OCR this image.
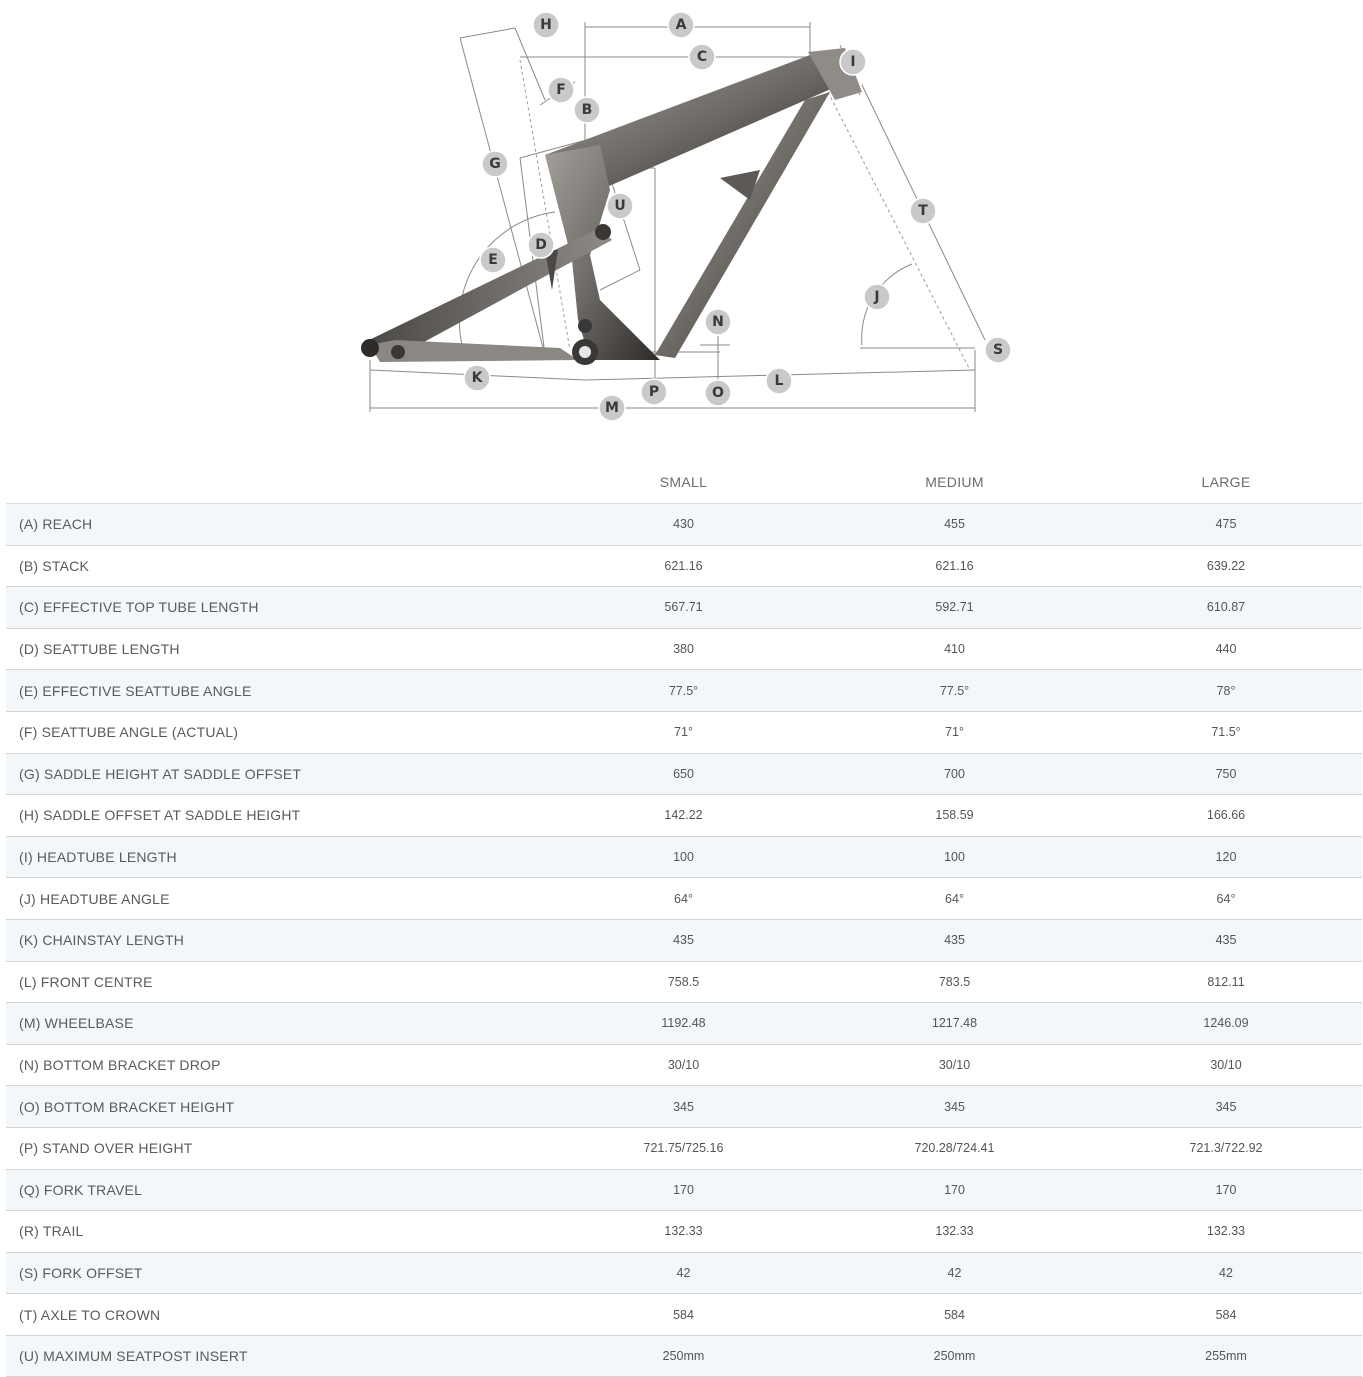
H	A
C	I
F
B
G
U	T
D
E
J
N
S
K	L
P	O
M
	SMALL	MEDIUM	LARGE
(A) REACH	430	455	475
(B) STACK	621.16	621.16	639.22
(C) EFFECTIVE TOP TUBE LENGTH	567.71	592.71	610.87
(D) SEATTUBE LENGTH	380	410	440
(E) EFFECTIVE SEATTUBE ANGLE	77.5°	77.5°	78°
(F) SEATTUBE ANGLE (ACTUAL)	71°	71°	71.5°
(G) SADDLE HEIGHT AT SADDLE OFFSET	650	700	750
(H) SADDLE OFFSET AT SADDLE HEIGHT	142.22	158.59	166.66
(I) HEADTUBE LENGTH	100	100	120
(J) HEADTUBE ANGLE	64°	64°	64°
(K) CHAINSTAY LENGTH	435	435	435
(L) FRONT CENTRE	758.5	783.5	812.11
(M) WHEELBASE	1192.48	1217.48	1246.09
(N) BOTTOM BRACKET DROP	30/10	30/10	30/10
(O) BOTTOM BRACKET HEIGHT	345	345	345
(P) STAND OVER HEIGHT	721.75/725.16	720.28/724.41	721.3/722.92
(Q) FORK TRAVEL	170	170	170
(R) TRAIL	132.33	132.33	132.33
(S) FORK OFFSET	42	42	42
(T) AXLE TO CROWN	584	584	584
(U) MAXIMUM SEATPOST INSERT	250mm	250mm	255mm
